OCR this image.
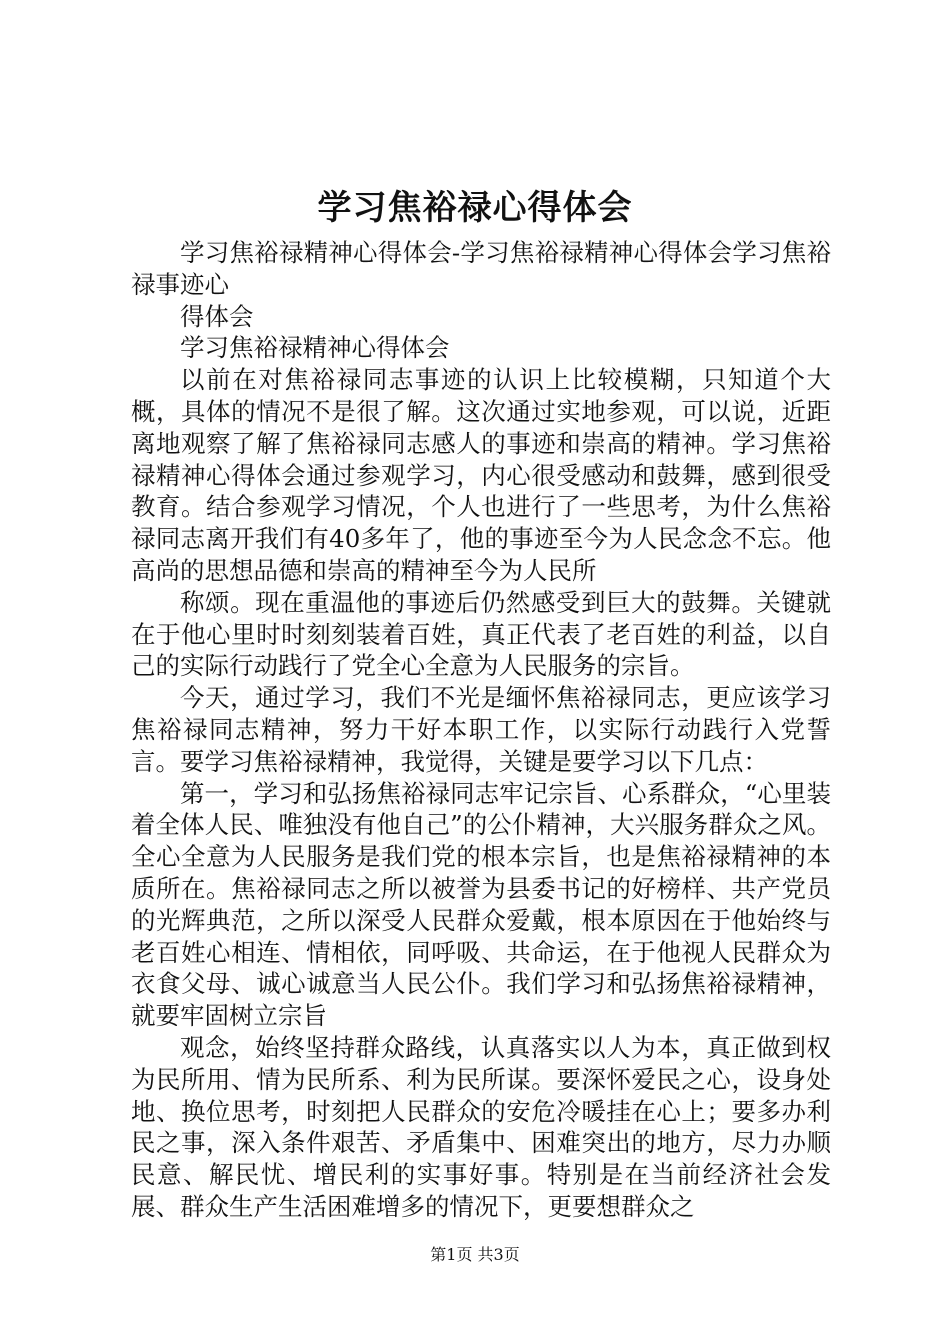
学习焦裕禄心得体会

学习焦裕禄精神心得体会-学习焦裕禄精神心得体会学习焦裕禄事迹心

得体会

学习焦裕禄精神心得体会

以前在对焦裕禄同志事迹的认识上比较模糊，只知道个大概，具体的情况不是很了解。这次通过实地参观，可以说，近距离地观察了解了焦裕禄同志感人的事迹和崇高的精神。学习焦裕禄精神心得体会通过参观学习，内心很受感动和鼓舞，感到很受教育。结合参观学习情况，个人也进行了一些思考，为什么焦裕禄同志离开我们有40多年了，他的事迹至今为人民念念不忘。他高尚的思想品德和崇高的精神至今为人民所

称颂。现在重温他的事迹后仍然感受到巨大的鼓舞。关键就在于他心里时时刻刻装着百姓，真正代表了老百姓的利益，以自己的实际行动践行了党全心全意为人民服务的宗旨。

今天，通过学习，我们不光是缅怀焦裕禄同志，更应该学习焦裕禄同志精神，努力干好本职工作，以实际行动践行入党誓言。要学习焦裕禄精神，我觉得，关键是要学习以下几点：

第一，学习和弘扬焦裕禄同志牢记宗旨、心系群众，“心里装着全体人民、唯独没有他自己”的公仆精神，大兴服务群众之风。全心全意为人民服务是我们党的根本宗旨，也是焦裕禄精神的本质所在。焦裕禄同志之所以被誉为县委书记的好榜样、共产党员的光辉典范，之所以深受人民群众爱戴，根本原因在于他始终与老百姓心相连、情相依，同呼吸、共命运，在于他视人民群众为衣食父母、诚心诚意当人民公仆。我们学习和弘扬焦裕禄精神，就要牢固树立宗旨

观念，始终坚持群众路线，认真落实以人为本，真正做到权为民所用、情为民所系、利为民所谋。要深怀爱民之心，设身处地、换位思考，时刻把人民群众的安危冷暖挂在心上；要多办利民之事，深入条件艰苦、矛盾集中、困难突出的地方，尽力办顺民意、解民忧、增民利的实事好事。特别是在当前经济社会发展、群众生产生活困难增多的情况下，更要想群众之

第1页 共3页
